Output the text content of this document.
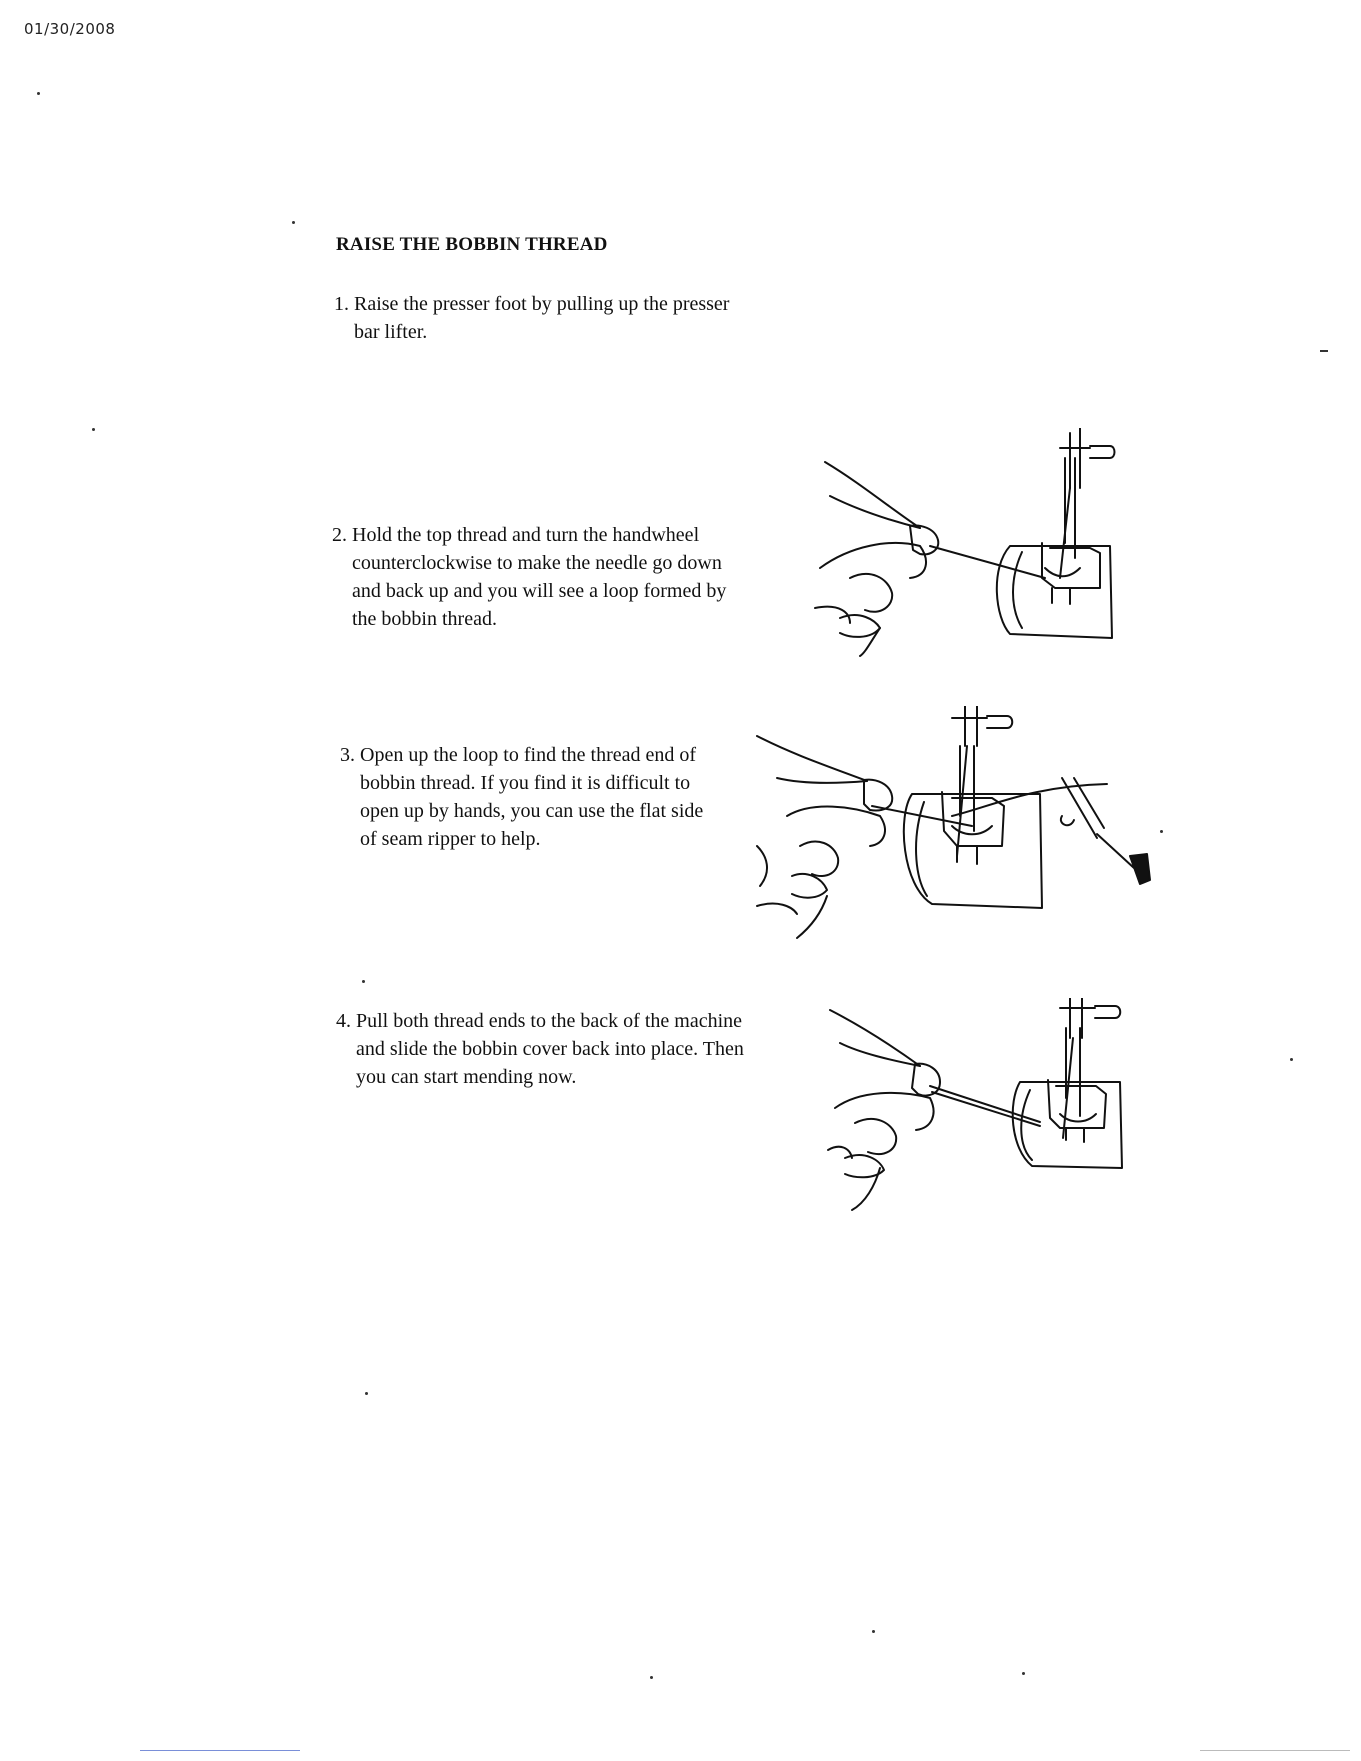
01/30/2008
RAISE THE BOBBIN THREAD
1. Raise the presser foot by pulling up the presser
bar lifter.
2. Hold the top thread and turn the handwheel
counterclockwise to make the needle go down
and back up and you will see a loop formed by
the bobbin thread.
3. Open up the loop to find the thread end of
bobbin thread. If you find it is difficult to
open up by hands, you can use the flat side
of seam ripper to help.
4. Pull both thread ends to the back of the machine
and slide the bobbin cover back into place. Then
you can start mending now.
